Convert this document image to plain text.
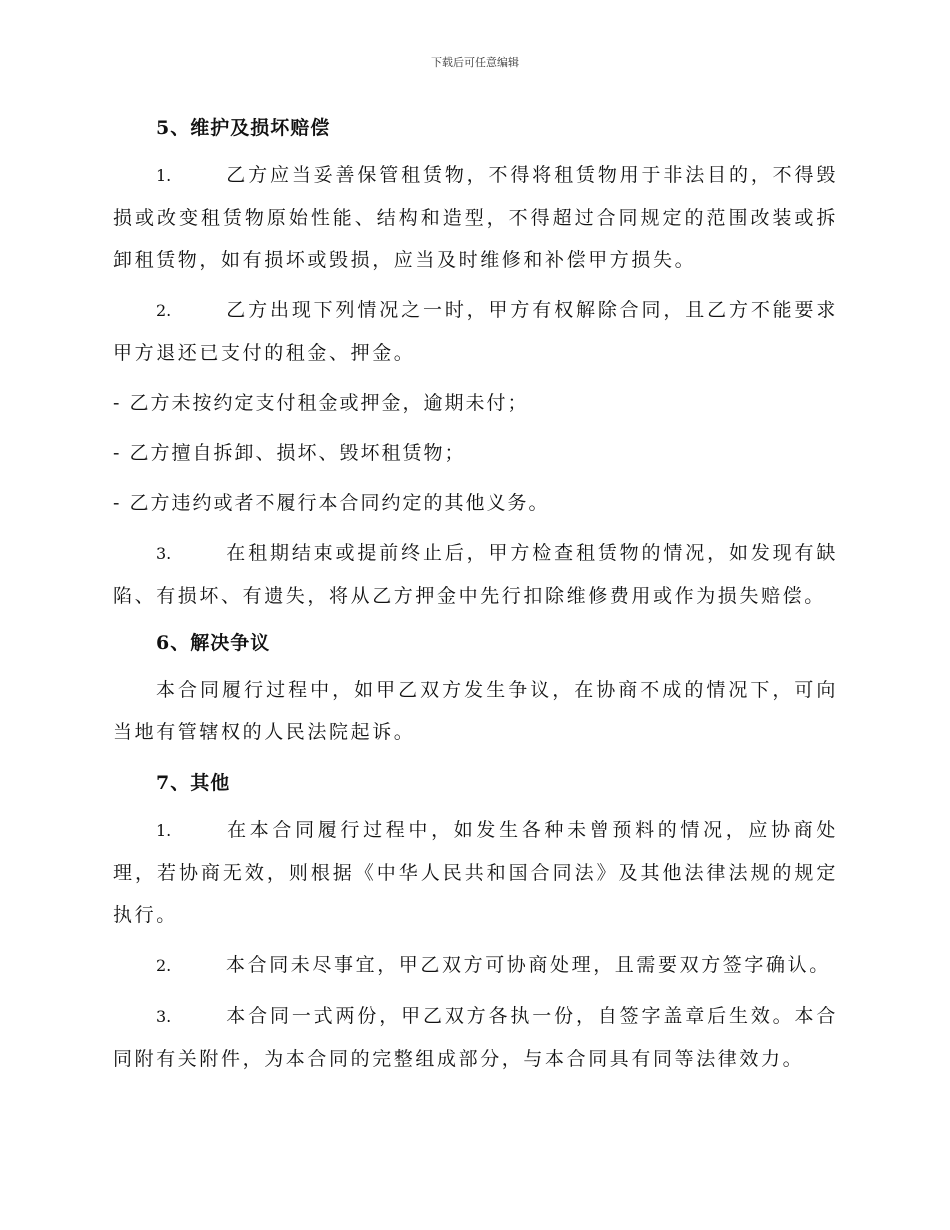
下载后可任意编辑
5、维护及损坏赔偿

1.	乙方应当妥善保管租赁物，不得将租赁物用于非法目的，不得毁损或改变租赁物原始性能、结构和造型，不得超过合同规定的范围改装或拆卸租赁物，如有损坏或毁损，应当及时维修和补偿甲方损失。

2.	乙方出现下列情况之一时，甲方有权解除合同，且乙方不能要求甲方退还已支付的租金、押金。

- 乙方未按约定支付租金或押金，逾期未付；

- 乙方擅自拆卸、损坏、毁坏租赁物；

- 乙方违约或者不履行本合同约定的其他义务。

3.	在租期结束或提前终止后，甲方检查租赁物的情况，如发现有缺陷、有损坏、有遗失，将从乙方押金中先行扣除维修费用或作为损失赔偿。

6、解决争议

本合同履行过程中，如甲乙双方发生争议，在协商不成的情况下，可向当地有管辖权的人民法院起诉。

7、其他

1.	在本合同履行过程中，如发生各种未曾预料的情况，应协商处理，若协商无效，则根据《中华人民共和国合同法》及其他法律法规的规定执行。

2.	本合同未尽事宜，甲乙双方可协商处理，且需要双方签字确认。

3.	本合同一式两份，甲乙双方各执一份，自签字盖章后生效。本合同附有关附件，为本合同的完整组成部分，与本合同具有同等法律效力。
